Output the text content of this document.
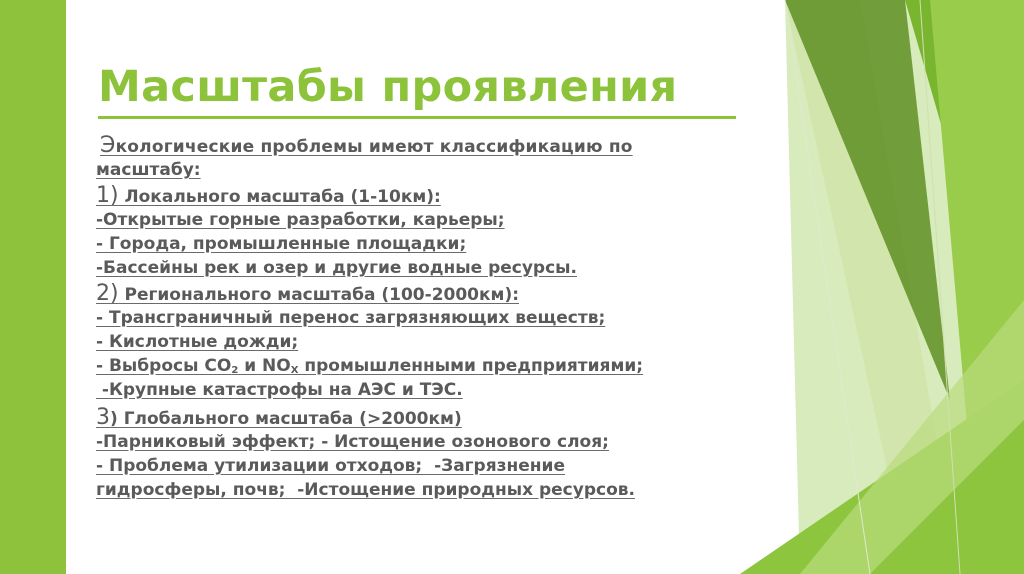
Масштабы проявления
Экологические проблемы имеют классификацию по
масштабу:
1) Локального масштаба (1-10км):
-Открытые горные разработки, карьеры;
- Города, промышленные площадки;
-Бассейны рек и озер и другие водные ресурсы.
2) Регионального масштаба (100-2000км):
- Трансграничный перенос загрязняющих веществ;
- Кислотные дожди;
- Выбросы $CO_2$ и $NO_X$ промышленными предприятиями;
-Крупные катастрофы на АЭС и ТЭС.
3) Глобального масштаба (>2000км)
-Парниковый эффект; - Истощение озонового слоя;
- Проблема утилизации отходов;  -Загрязнение
гидросферы, почв;  -Истощение природных ресурсов.
